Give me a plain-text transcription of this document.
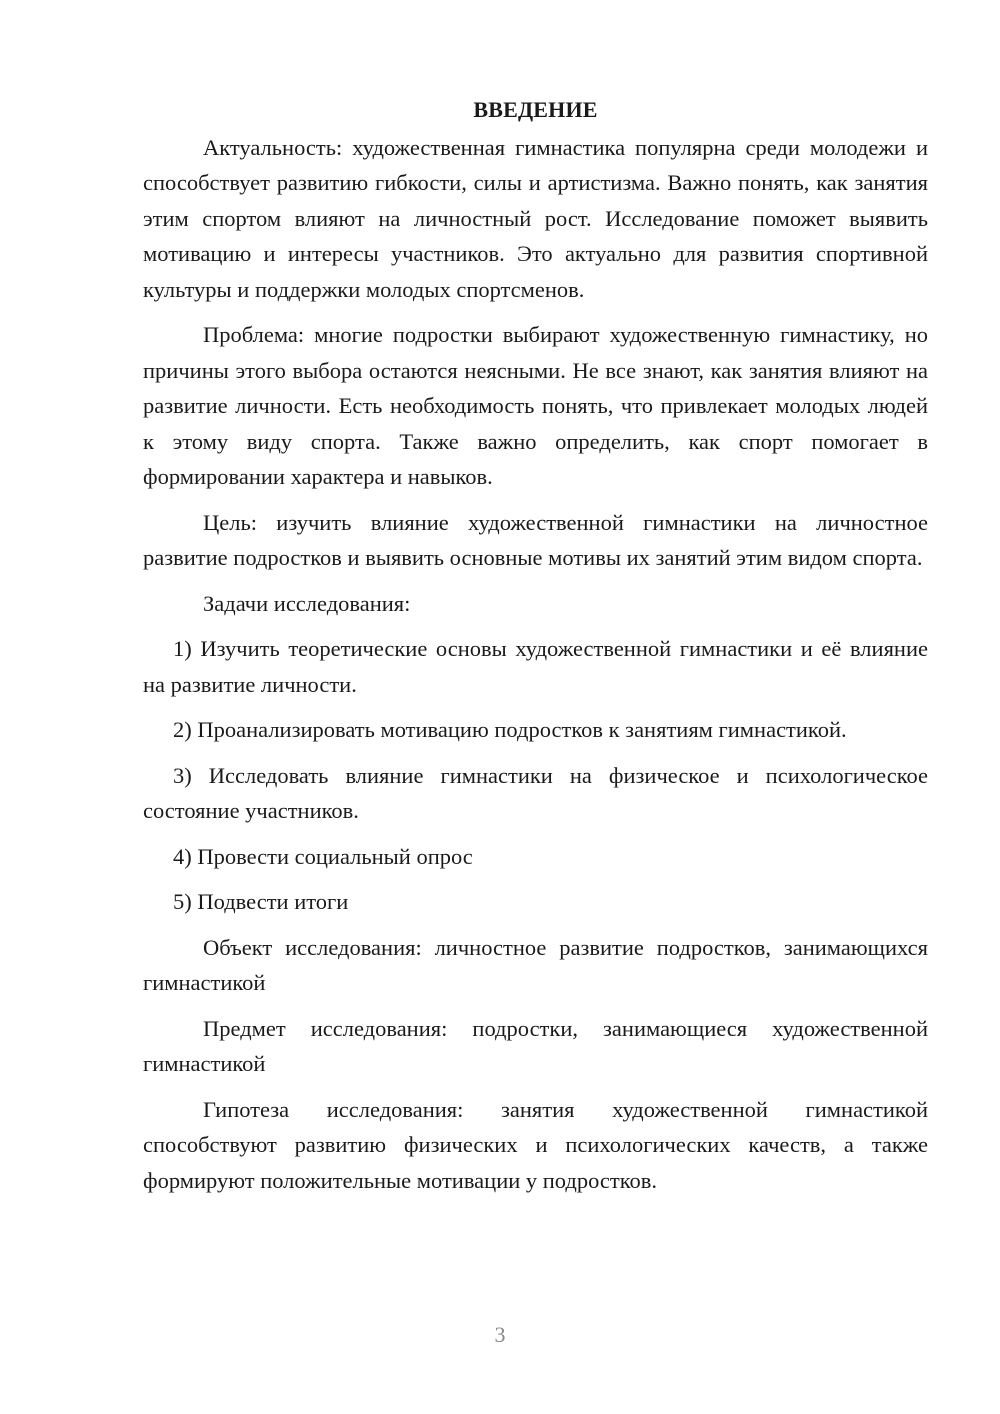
ВВЕДЕНИЕ

Актуальность: художественная гимнастика популярна среди молодежи и способствует развитию гибкости, силы и артистизма. Важно понять, как занятия этим спортом влияют на личностный рост. Исследование поможет выявить мотивацию и интересы участников. Это актуально для развития спортивной культуры и поддержки молодых спортсменов.

Проблема: многие подростки выбирают художественную гимнастику, но причины этого выбора остаются неясными. Не все знают, как занятия влияют на развитие личности. Есть необходимость понять, что привлекает молодых людей к этому виду спорта. Также важно определить, как спорт помогает в формировании характера и навыков.

Цель: изучить влияние художественной гимнастики на личностное развитие подростков и выявить основные мотивы их занятий этим видом спорта.

Задачи исследования:

1) Изучить теоретические основы художественной гимнастики и её влияние на развитие личности.

2) Проанализировать мотивацию подростков к занятиям гимнастикой.

3) Исследовать влияние гимнастики на физическое и психологическое состояние участников.

4) Провести социальный опрос

5) Подвести итоги

Объект исследования: личностное развитие подростков, занимающихся гимнастикой

Предмет исследования: подростки, занимающиеся художественной гимнастикой

Гипотеза исследования: занятия художественной гимнастикой способствуют развитию физических и психологических качеств, а также формируют положительные мотивации у подростков.

3
